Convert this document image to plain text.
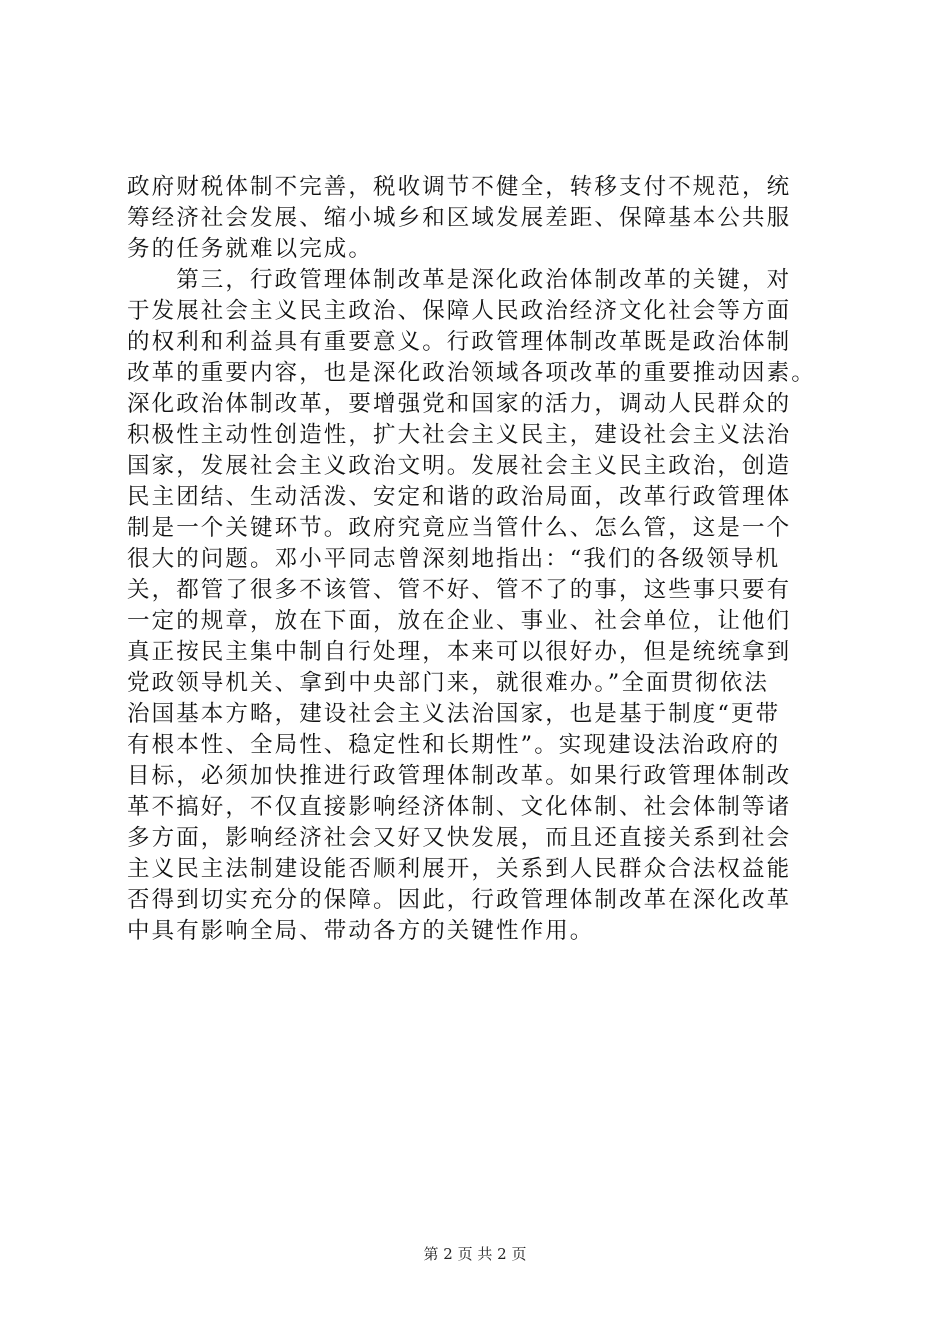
政府财税体制不完善，税收调节不健全，转移支付不规范，统
筹经济社会发展、缩小城乡和区域发展差距、保障基本公共服
务的任务就难以完成。
　　第三，行政管理体制改革是深化政治体制改革的关键，对
于发展社会主义民主政治、保障人民政治经济文化社会等方面
的权利和利益具有重要意义。行政管理体制改革既是政治体制
改革的重要内容，也是深化政治领域各项改革的重要推动因素。
深化政治体制改革，要增强党和国家的活力，调动人民群众的
积极性主动性创造性，扩大社会主义民主，建设社会主义法治
国家，发展社会主义政治文明。发展社会主义民主政治，创造
民主团结、生动活泼、安定和谐的政治局面，改革行政管理体
制是一个关键环节。政府究竟应当管什么、怎么管，这是一个
很大的问题。邓小平同志曾深刻地指出：“我们的各级领导机
关，都管了很多不该管、管不好、管不了的事，这些事只要有
一定的规章，放在下面，放在企业、事业、社会单位，让他们
真正按民主集中制自行处理，本来可以很好办，但是统统拿到
党政领导机关、拿到中央部门来，就很难办。”全面贯彻依法
治国基本方略，建设社会主义法治国家，也是基于制度“更带
有根本性、全局性、稳定性和长期性”。实现建设法治政府的
目标，必须加快推进行政管理体制改革。如果行政管理体制改
革不搞好，不仅直接影响经济体制、文化体制、社会体制等诸
多方面，影响经济社会又好又快发展，而且还直接关系到社会
主义民主法制建设能否顺利展开，关系到人民群众合法权益能
否得到切实充分的保障。因此，行政管理体制改革在深化改革
中具有影响全局、带动各方的关键性作用。
第 2 页 共 2 页
